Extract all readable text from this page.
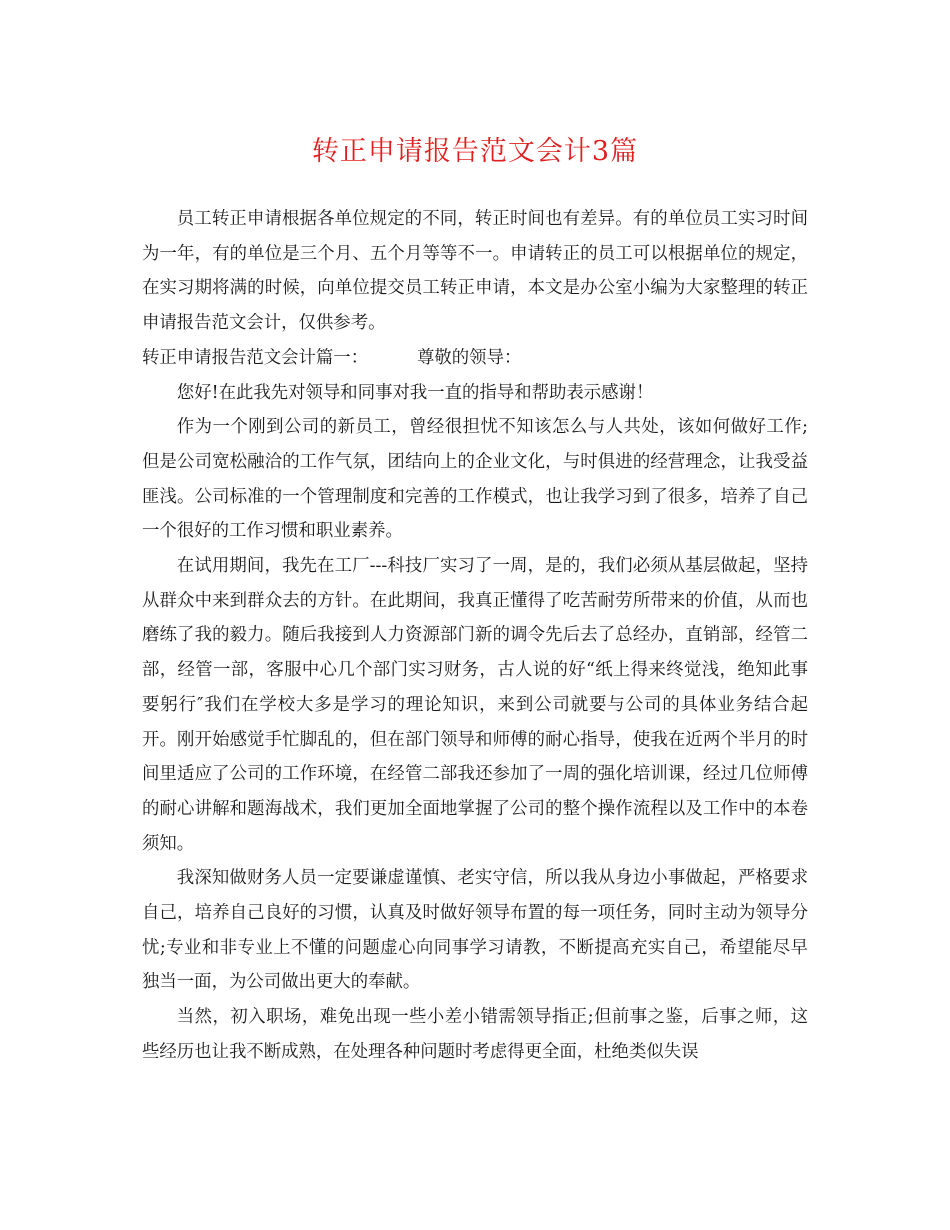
转正申请报告范文会计3篇

员工转正申请根据各单位规定的不同，转正时间也有差异。有的单位员工实习时间为一年，有的单位是三个月、五个月等等不一。申请转正的员工可以根据单位的规定，在实习期将满的时候，向单位提交员工转正申请，本文是办公室小编为大家整理的转正申请报告范文会计，仅供参考。

转正申请报告范文会计篇一：	尊敬的领导：

您好!在此我先对领导和同事对我一直的指导和帮助表示感谢！

作为一个刚到公司的新员工，曾经很担忧不知该怎么与人共处，该如何做好工作;但是公司宽松融洽的工作气氛，团结向上的企业文化，与时俱进的经营理念，让我受益匪浅。公司标准的一个管理制度和完善的工作模式，也让我学习到了很多，培养了自己一个很好的工作习惯和职业素养。

在试用期间，我先在工厂---科技厂实习了一周，是的，我们必须从基层做起，坚持从群众中来到群众去的方针。在此期间，我真正懂得了吃苦耐劳所带来的价值，从而也磨练了我的毅力。随后我接到人力资源部门新的调令先后去了总经办，直销部，经管二部，经管一部，客服中心几个部门实习财务，古人说的好“纸上得来终觉浅，绝知此事要躬行″我们在学校大多是学习的理论知识，来到公司就要与公司的具体业务结合起开。刚开始感觉手忙脚乱的，但在部门领导和师傅的耐心指导，使我在近两个半月的时间里适应了公司的工作环境，在经管二部我还参加了一周的强化培训课，经过几位师傅的耐心讲解和题海战术，我们更加全面地掌握了公司的整个操作流程以及工作中的本卷须知。

我深知做财务人员一定要谦虚谨慎、老实守信，所以我从身边小事做起，严格要求自己，培养自己良好的习惯，认真及时做好领导布置的每一项任务，同时主动为领导分忧;专业和非专业上不懂的问题虚心向同事学习请教，不断提高充实自己，希望能尽早独当一面，为公司做出更大的奉献。

当然，初入职场，难免出现一些小差小错需领导指正;但前事之鉴，后事之师，这些经历也让我不断成熟，在处理各种问题时考虑得更全面，杜绝类似失误
